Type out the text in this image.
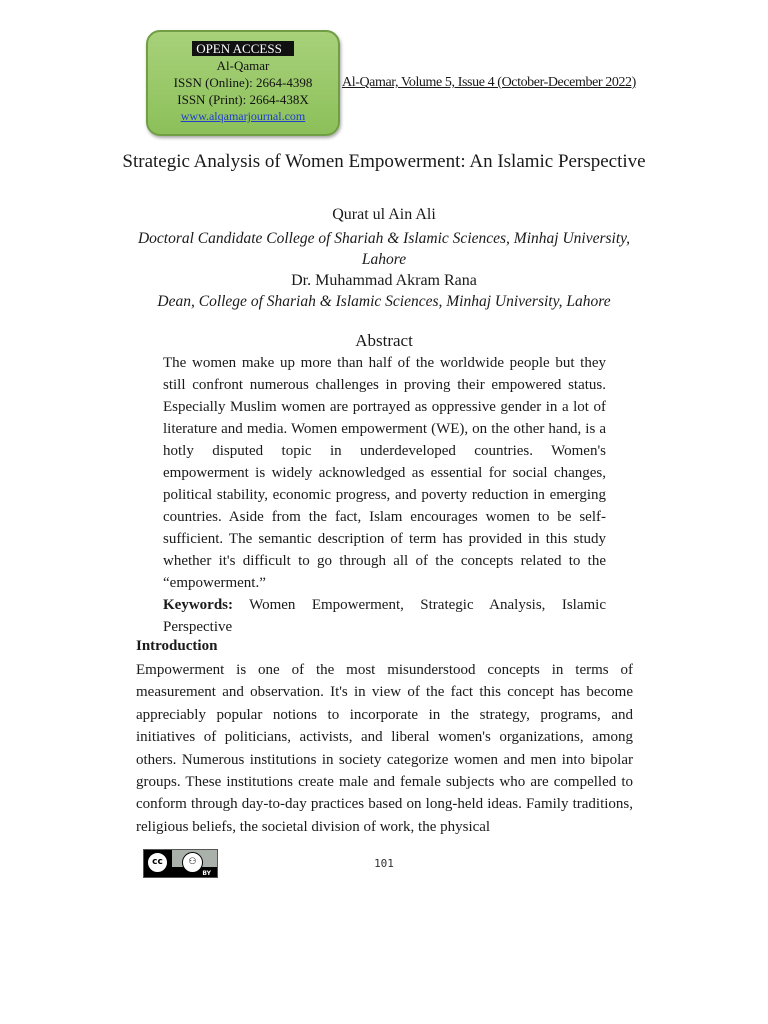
OPEN ACCESS
Al-Qamar
ISSN (Online): 2664-4398
ISSN (Print): 2664-438X
www.alqamarjournal.com
Al-Qamar, Volume 5, Issue 4 (October-December 2022)
Strategic Analysis of Women Empowerment: An Islamic Perspective
Qurat ul Ain Ali
Doctoral Candidate College of Shariah & Islamic Sciences, Minhaj University, Lahore
Dr. Muhammad Akram Rana
Dean, College of Shariah & Islamic Sciences, Minhaj University, Lahore
Abstract

The women make up more than half of the worldwide people but they still confront numerous challenges in proving their empowered status. Especially Muslim women are portrayed as oppressive gender in a lot of literature and media. Women empowerment (WE), on the other hand, is a hotly disputed topic in underdeveloped countries. Women's empowerment is widely acknowledged as essential for social changes, political stability, economic progress, and poverty reduction in emerging countries. Aside from the fact, Islam encourages women to be self-sufficient. The semantic description of term has provided in this study whether it's difficult to go through all of the concepts related to the “empowerment.”

Keywords: Women Empowerment, Strategic Analysis, Islamic Perspective

Introduction

Empowerment is one of the most misunderstood concepts in terms of measurement and observation. It's in view of the fact this concept has become appreciably popular notions to incorporate in the strategy, programs, and initiatives of politicians, activists, and liberal women's organizations, among others. Numerous institutions in society categorize women and men into bipolar groups. These institutions create male and female subjects who are compelled to conform through day-to-day practices based on long-held ideas. Family traditions, religious beliefs, the societal division of work, the physical

cc	⚇
BY
101
